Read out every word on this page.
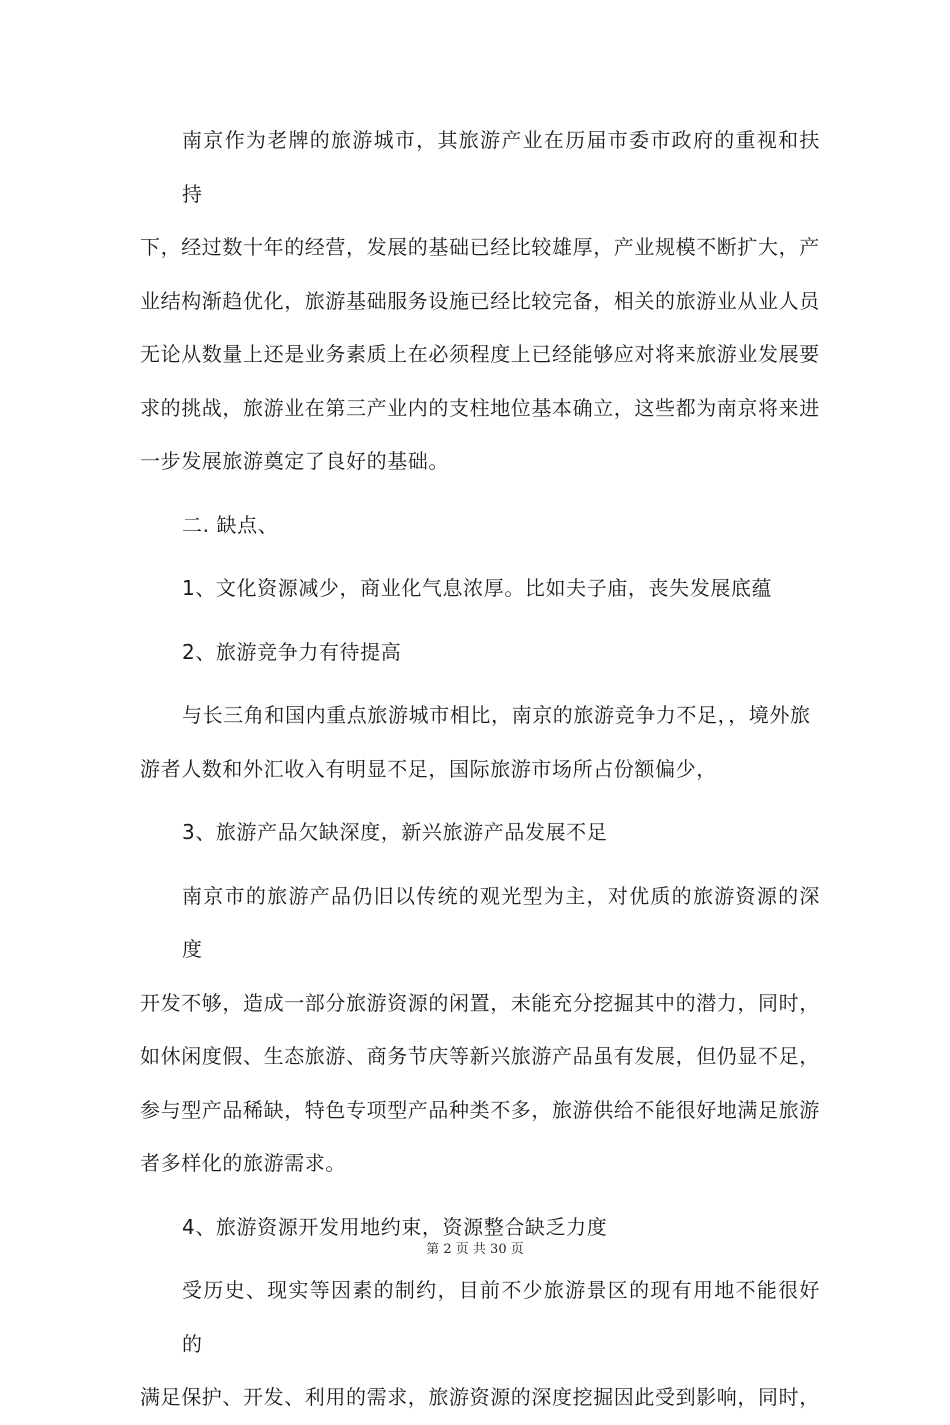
南京作为老牌的旅游城市，其旅游产业在历届市委市政府的重视和扶持

下，经过数十年的经营，发展的基础已经比较雄厚，产业规模不断扩大，产

业结构渐趋优化，旅游基础服务设施已经比较完备，相关的旅游业从业人员

无论从数量上还是业务素质上在必须程度上已经能够应对将来旅游业发展要

求的挑战，旅游业在第三产业内的支柱地位基本确立，这些都为南京将来进

一步发展旅游奠定了良好的基础。

二. 缺点、

1、文化资源减少，商业化气息浓厚。比如夫子庙，丧失发展底蕴

2、旅游竞争力有待提高

与长三角和国内重点旅游城市相比，南京的旅游竞争力不足，，境外旅

游者人数和外汇收入有明显不足，国际旅游市场所占份额偏少，

3、旅游产品欠缺深度，新兴旅游产品发展不足

南京市的旅游产品仍旧以传统的观光型为主，对优质的旅游资源的深度

开发不够，造成一部分旅游资源的闲置，未能充分挖掘其中的潜力，同时，

如休闲度假、生态旅游、商务节庆等新兴旅游产品虽有发展，但仍显不足，

参与型产品稀缺，特色专项型产品种类不多，旅游供给不能很好地满足旅游

者多样化的旅游需求。

4、旅游资源开发用地约束，资源整合缺乏力度

受历史、现实等因素的制约，目前不少旅游景区的现有用地不能很好的

满足保护、开发、利用的需求，旅游资源的深度挖掘因此受到影响，同时，

第 2 页 共 30 页
